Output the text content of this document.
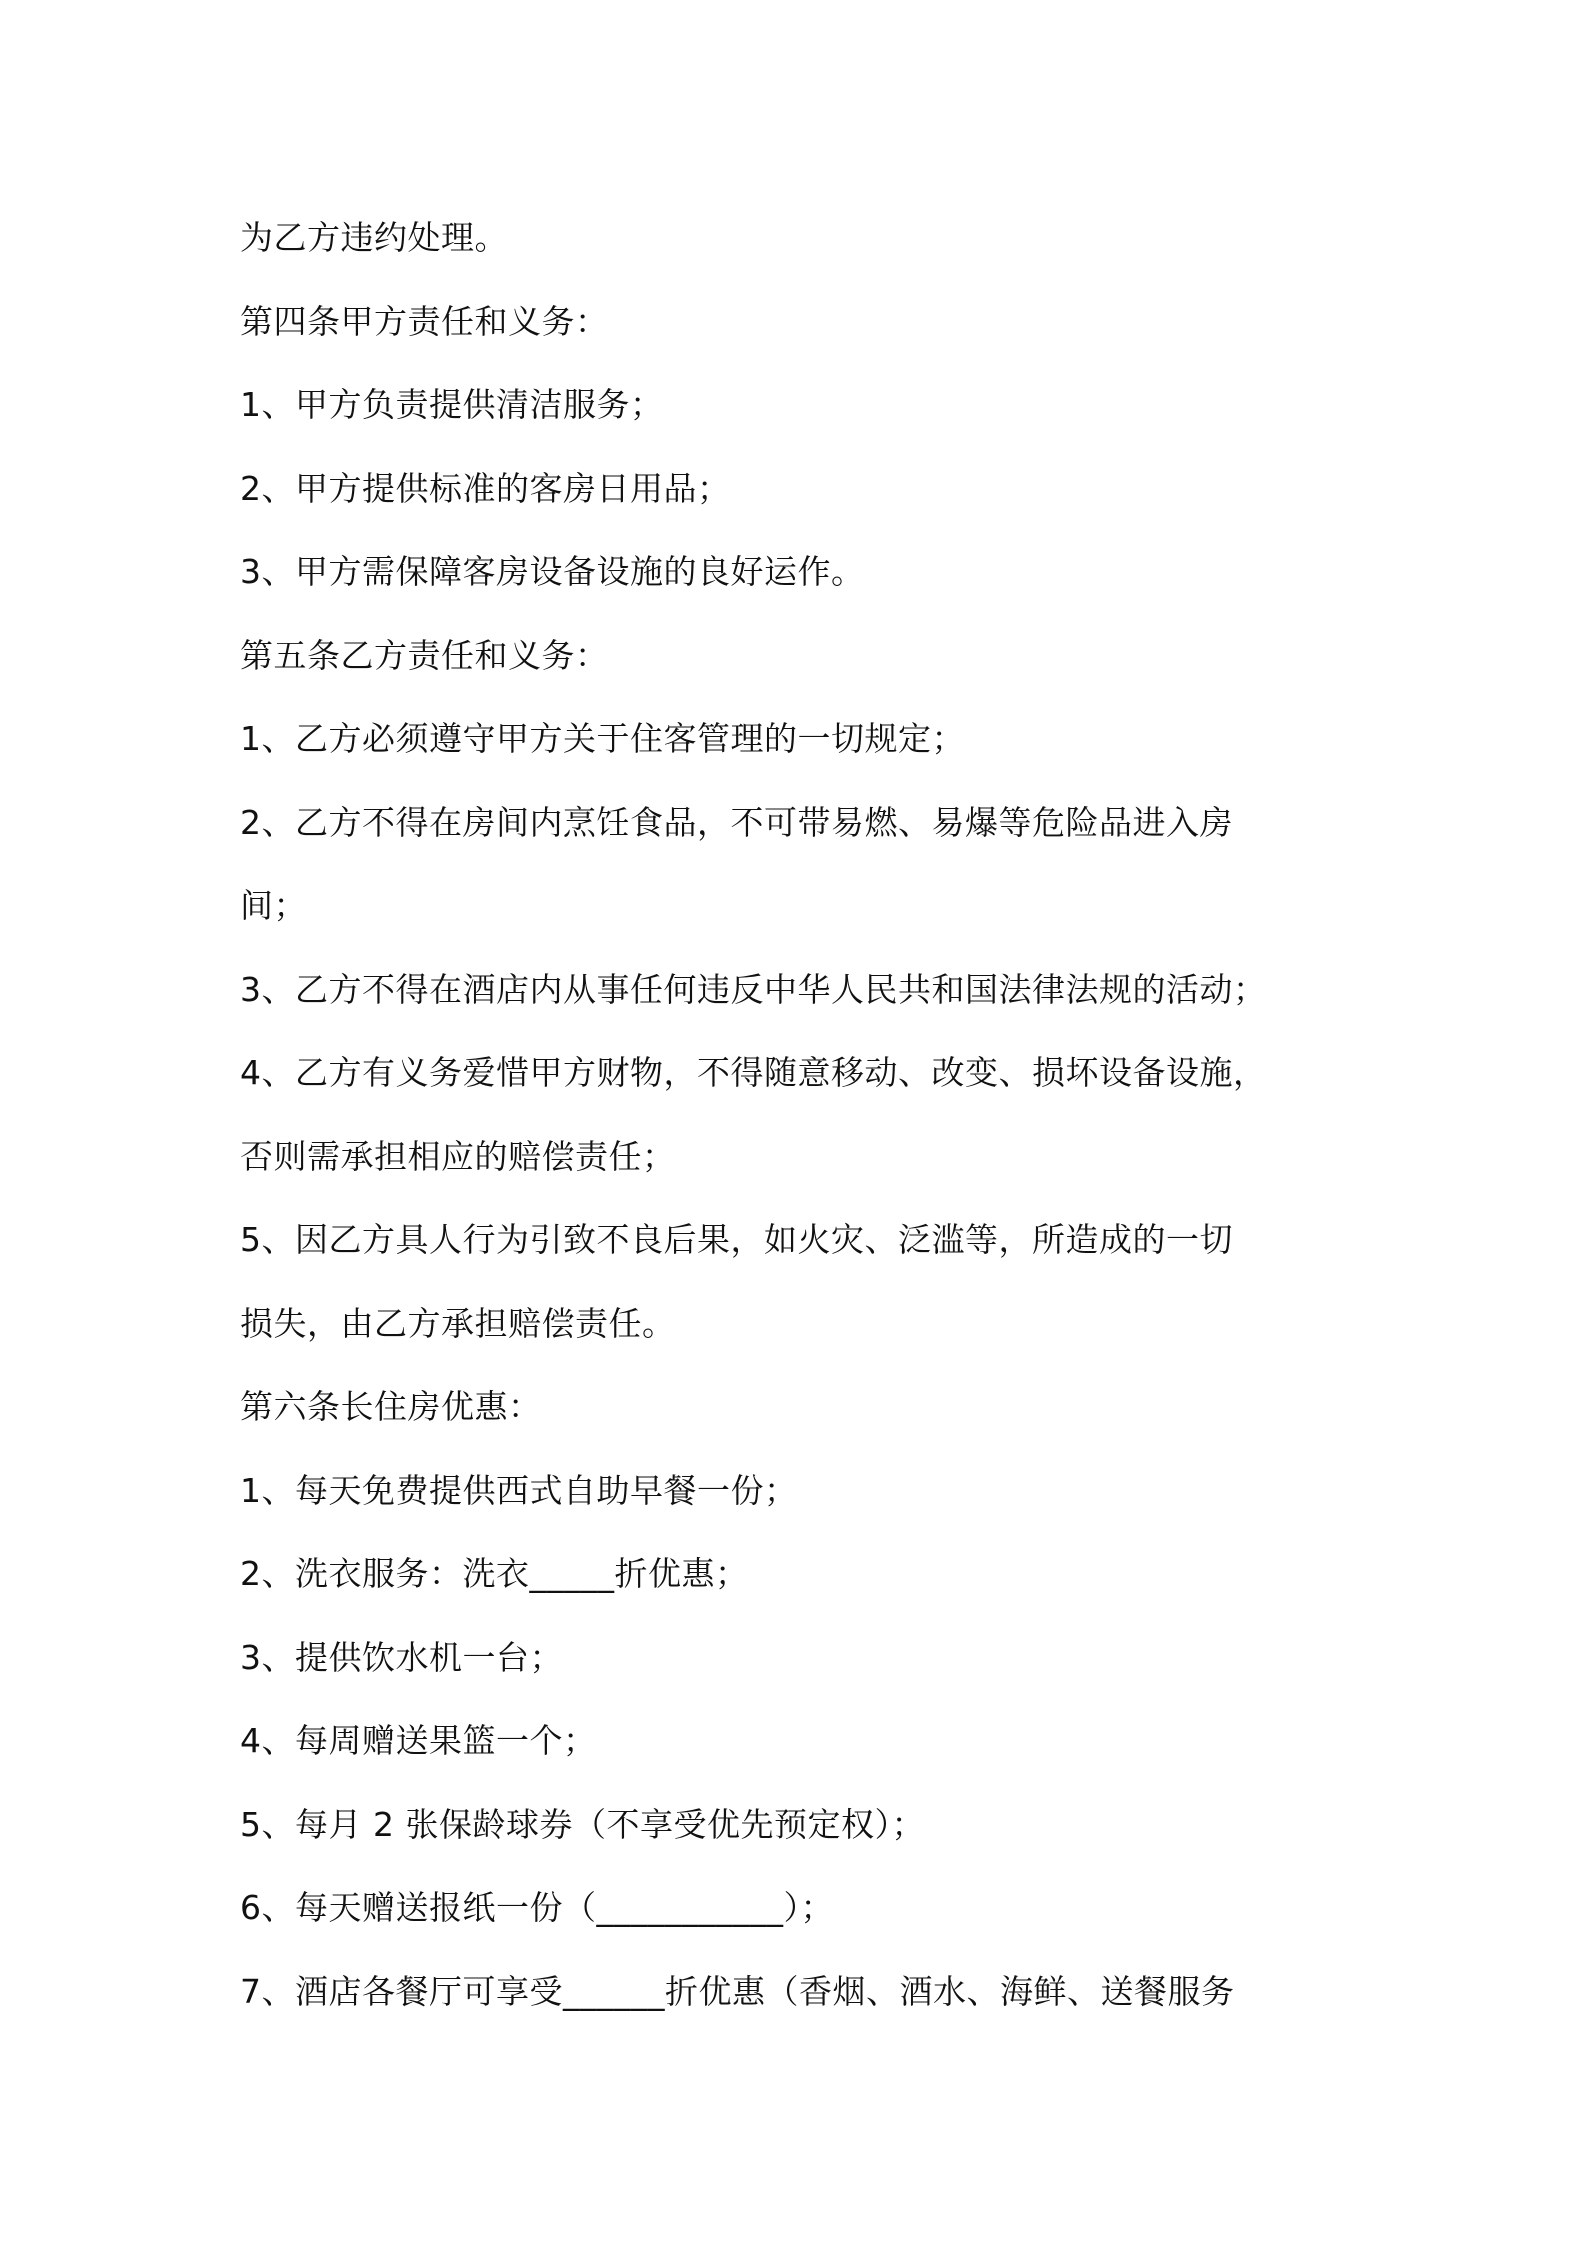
为乙方违约处理。
第四条甲方责任和义务：
1、甲方负责提供清洁服务；
2、甲方提供标准的客房日用品；
3、甲方需保障客房设备设施的良好运作。
第五条乙方责任和义务：
1、乙方必须遵守甲方关于住客管理的一切规定；
2、乙方不得在房间内烹饪食品，不可带易燃、易爆等危险品进入房
间；
3、乙方不得在酒店内从事任何违反中华人民共和国法律法规的活动；
4、乙方有义务爱惜甲方财物，不得随意移动、改变、损坏设备设施，
否则需承担相应的赔偿责任；
5、因乙方具人行为引致不良后果，如火灾、泛滥等，所造成的一切
损失，由乙方承担赔偿责任。
第六条长住房优惠：
1、每天免费提供西式自助早餐一份；
2、洗衣服务：洗衣_____折优惠；
3、提供饮水机一台；
4、每周赠送果篮一个；
5、每月 2 张保龄球券（不享受优先预定权）；
6、每天赠送报纸一份（___________）；
7、酒店各餐厅可享受______折优惠（香烟、酒水、海鲜、送餐服务
